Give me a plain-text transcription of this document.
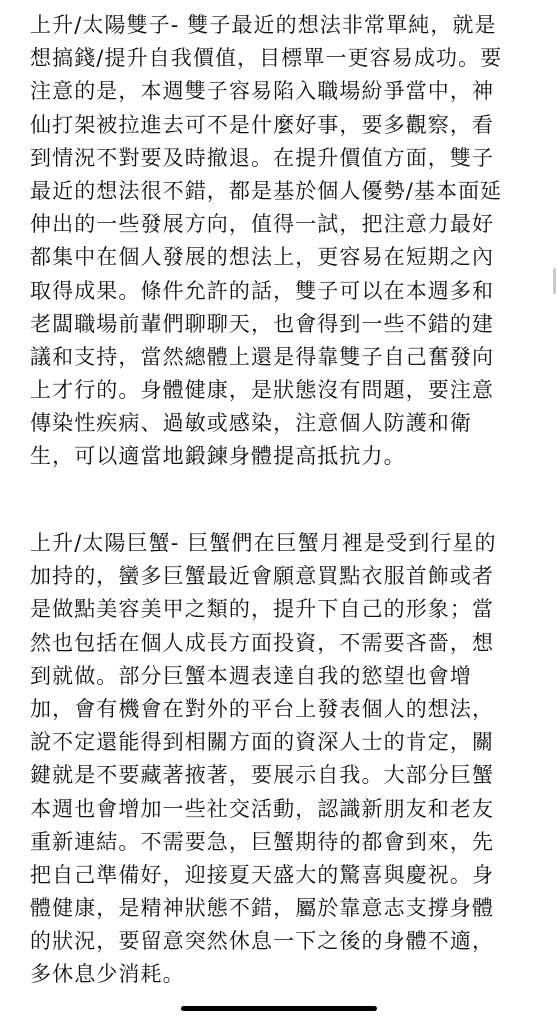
上升/太陽雙子- 雙子最近的想法非常單純，就是
想搞錢/提升自我價值，目標單一更容易成功。要
注意的是，本週雙子容易陷入職場紛爭當中，神
仙打架被拉進去可不是什麼好事，要多觀察，看
到情況不對要及時撤退。在提升價值方面，雙子
最近的想法很不錯，都是基於個人優勢/基本面延
伸出的一些發展方向，值得一試，把注意力最好
都集中在個人發展的想法上，更容易在短期之內
取得成果。條件允許的話，雙子可以在本週多和
老闆職場前輩們聊聊天，也會得到一些不錯的建
議和支持，當然總體上還是得靠雙子自己奮發向
上才行的。身體健康，是狀態沒有問題，要注意
傳染性疾病、過敏或感染，注意個人防護和衛
生，可以適當地鍛鍊身體提高抵抗力。
上升/太陽巨蟹- 巨蟹們在巨蟹月裡是受到行星的
加持的，蠻多巨蟹最近會願意買點衣服首飾或者
是做點美容美甲之類的，提升下自己的形象；當
然也包括在個人成長方面投資，不需要吝嗇，想
到就做。部分巨蟹本週表達自我的慾望也會增
加，會有機會在對外的平台上發表個人的想法，
說不定還能得到相關方面的資深人士的肯定，關
鍵就是不要藏著掖著，要展示自我。大部分巨蟹
本週也會增加一些社交活動，認識新朋友和老友
重新連結。不需要急，巨蟹期待的都會到來，先
把自己準備好，迎接夏天盛大的驚喜與慶祝。身
體健康，是精神狀態不錯，屬於靠意志支撐身體
的狀況，要留意突然休息一下之後的身體不適，
多休息少消耗。
